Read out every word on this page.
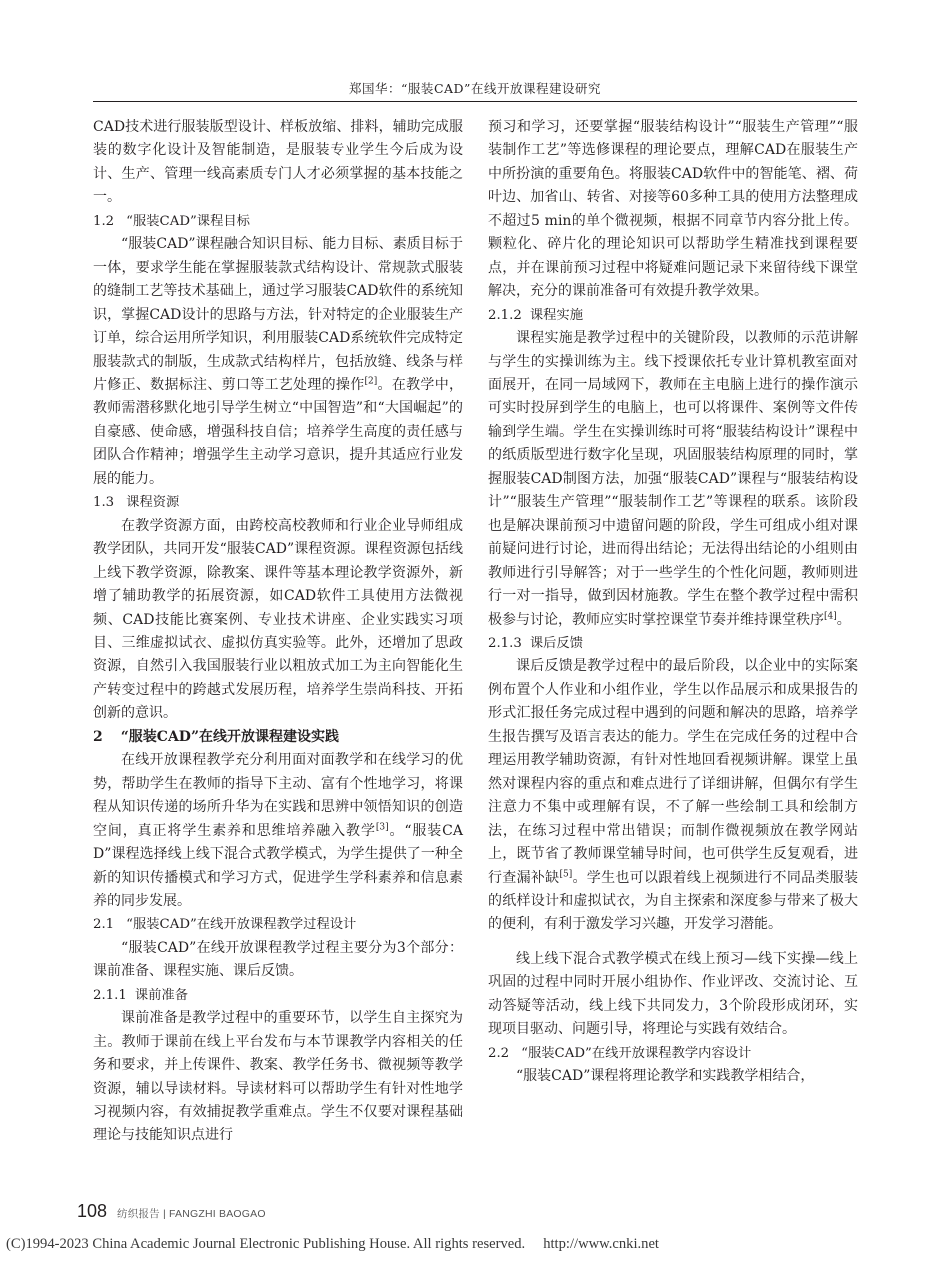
郑国华：“服装CAD”在线开放课程建设研究

CAD技术进行服装版型设计、样板放缩、排料，辅助完成服装的数字化设计及智能制造，是服装专业学生今后成为设计、生产、管理一线高素质专门人才必须掌握的基本技能之一。

1.2 “服装CAD”课程目标

“服装CAD”课程融合知识目标、能力目标、素质目标于一体，要求学生能在掌握服装款式结构设计、常规款式服装的缝制工艺等技术基础上，通过学习服装CAD软件的系统知识，掌握CAD设计的思路与方法，针对特定的企业服装生产订单，综合运用所学知识，利用服装CAD系统软件完成特定服装款式的制版，生成款式结构样片，包括放缝、线条与样片修正、数据标注、剪口等工艺处理的操作[2]。在教学中，教师需潜移默化地引导学生树立“中国智造”和“大国崛起”的自豪感、使命感，增强科技自信；培养学生高度的责任感与团队合作精神；增强学生主动学习意识，提升其适应行业发展的能力。

1.3 课程资源

在教学资源方面，由跨校高校教师和行业企业导师组成教学团队，共同开发“服装CAD”课程资源。课程资源包括线上线下教学资源，除教案、课件等基本理论教学资源外，新增了辅助教学的拓展资源，如CAD软件工具使用方法微视频、CAD技能比赛案例、专业技术讲座、企业实践实习项目、三维虚拟试衣、虚拟仿真实验等。此外，还增加了思政资源，自然引入我国服装行业以粗放式加工为主向智能化生产转变过程中的跨越式发展历程，培养学生崇尚科技、开拓创新的意识。

2 “服装CAD”在线开放课程建设实践

在线开放课程教学充分利用面对面教学和在线学习的优势，帮助学生在教师的指导下主动、富有个性地学习，将课程从知识传递的场所升华为在实践和思辨中领悟知识的创造空间，真正将学生素养和思维培养融入教学[3]。“服装CAD”课程选择线上线下混合式教学模式，为学生提供了一种全新的知识传播模式和学习方式，促进学生学科素养和信息素养的同步发展。

2.1 “服装CAD”在线开放课程教学过程设计

“服装CAD”在线开放课程教学过程主要分为3个部分：课前准备、课程实施、课后反馈。

2.1.1 课前准备

课前准备是教学过程中的重要环节，以学生自主探究为主。教师于课前在线上平台发布与本节课教学内容相关的任务和要求，并上传课件、教案、教学任务书、微视频等教学资源，辅以导读材料。导读材料可以帮助学生有针对性地学习视频内容，有效捕捉教学重难点。学生不仅要对课程基础理论与技能知识点进行

预习和学习，还要掌握“服装结构设计”“服装生产管理”“服装制作工艺”等选修课程的理论要点，理解CAD在服装生产中所扮演的重要角色。将服装CAD软件中的智能笔、褶、荷叶边、加省山、转省、对接等60多种工具的使用方法整理成不超过5 min的单个微视频，根据不同章节内容分批上传。颗粒化、碎片化的理论知识可以帮助学生精准找到课程要点，并在课前预习过程中将疑难问题记录下来留待线下课堂解决，充分的课前准备可有效提升教学效果。

2.1.2 课程实施

课程实施是教学过程中的关键阶段，以教师的示范讲解与学生的实操训练为主。线下授课依托专业计算机教室面对面展开，在同一局域网下，教师在主电脑上进行的操作演示可实时投屏到学生的电脑上，也可以将课件、案例等文件传输到学生端。学生在实操训练时可将“服装结构设计”课程中的纸质版型进行数字化呈现，巩固服装结构原理的同时，掌握服装CAD制图方法，加强“服装CAD”课程与“服装结构设计”“服装生产管理”“服装制作工艺”等课程的联系。该阶段也是解决课前预习中遗留问题的阶段，学生可组成小组对课前疑问进行讨论，进而得出结论；无法得出结论的小组则由教师进行引导解答；对于一些学生的个性化问题，教师则进行一对一指导，做到因材施教。学生在整个教学过程中需积极参与讨论，教师应实时掌控课堂节奏并维持课堂秩序[4]。

2.1.3 课后反馈

课后反馈是教学过程中的最后阶段，以企业中的实际案例布置个人作业和小组作业，学生以作品展示和成果报告的形式汇报任务完成过程中遇到的问题和解决的思路，培养学生报告撰写及语言表达的能力。学生在完成任务的过程中合理运用教学辅助资源，有针对性地回看视频讲解。课堂上虽然对课程内容的重点和难点进行了详细讲解，但偶尔有学生注意力不集中或理解有误，不了解一些绘制工具和绘制方法，在练习过程中常出错误；而制作微视频放在教学网站上，既节省了教师课堂辅导时间，也可供学生反复观看，进行查漏补缺[5]。学生也可以跟着线上视频进行不同品类服装的纸样设计和虚拟试衣，为自主探索和深度参与带来了极大的便利，有利于激发学习兴趣，开发学习潜能。

线上线下混合式教学模式在线上预习—线下实操—线上巩固的过程中同时开展小组协作、作业评改、交流讨论、互动答疑等活动，线上线下共同发力，3个阶段形成闭环，实现项目驱动、问题引导，将理论与实践有效结合。

2.2 “服装CAD”在线开放课程教学内容设计

“服装CAD”课程将理论教学和实践教学相结合，

108 纺织报告 | FANGZHI BAOGAO
(C)1994-2023 China Academic Journal Electronic Publishing House. All rights reserved. http://www.cnki.net
